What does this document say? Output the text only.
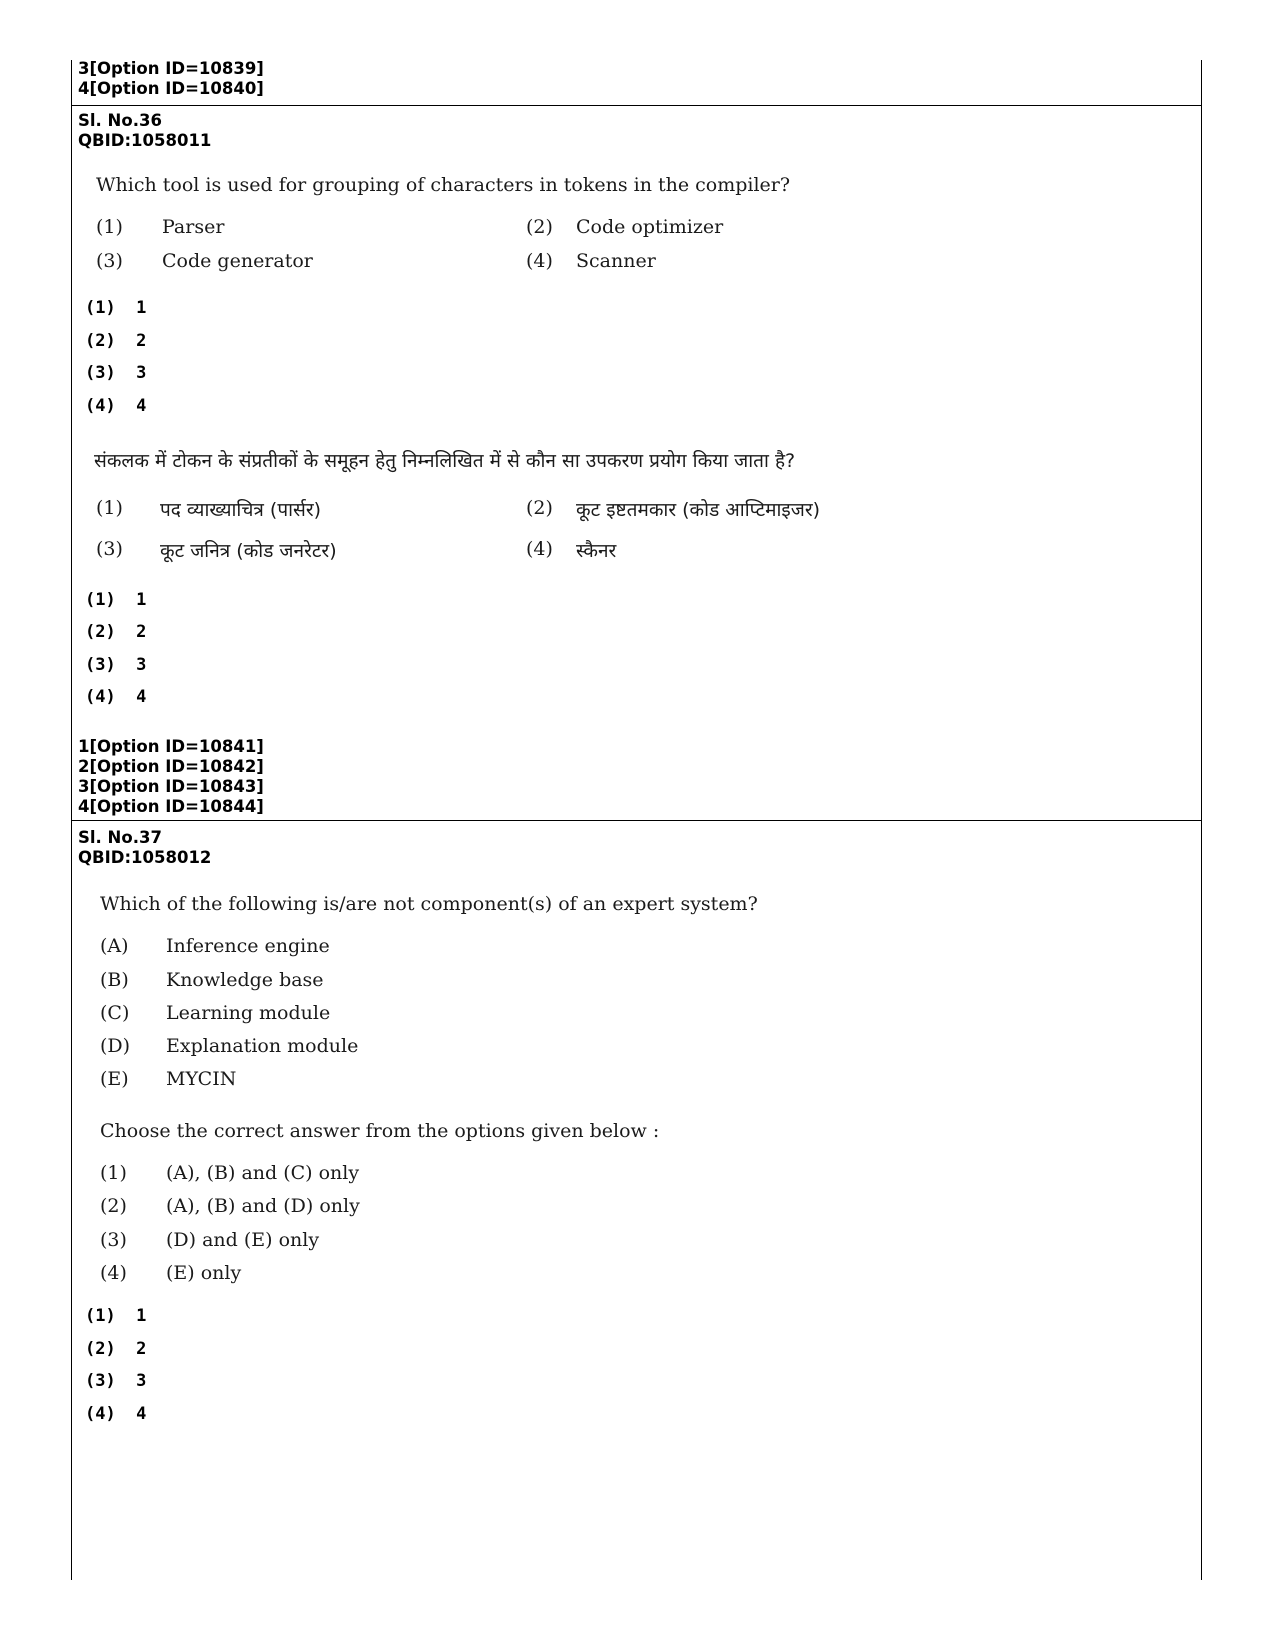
3[Option ID=10839]
4[Option ID=10840]
Sl. No.36
QBID:1058011
Which tool is used for grouping of characters in tokens in the compiler?
(1) Parser	(2) Code optimizer
(3) Code generator	(4) Scanner
(1)  1
(2)  2
(3)  3
(4)  4
संकलक में टोकन के संप्रतीकों के समूहन हेतु निम्नलिखित में से कौन सा उपकरण प्रयोग किया जाता है?
(1) पद व्याख्याचित्र (पार्सर)	(2) कूट इष्टतमकार (कोड आप्टिमाइजर)
(3) कूट जनित्र (कोड जनरेटर)	(4) स्कैनर
(1)  1
(2)  2
(3)  3
(4)  4
1[Option ID=10841]
2[Option ID=10842]
3[Option ID=10843]
4[Option ID=10844]
Sl. No.37
QBID:1058012
Which of the following is/are not component(s) of an expert system?
(A) Inference engine
(B) Knowledge base
(C) Learning module
(D) Explanation module
(E) MYCIN
Choose the correct answer from the options given below :
(1) (A), (B) and (C) only
(2) (A), (B) and (D) only
(3) (D) and (E) only
(4) (E) only
(1)  1
(2)  2
(3)  3
(4)  4
